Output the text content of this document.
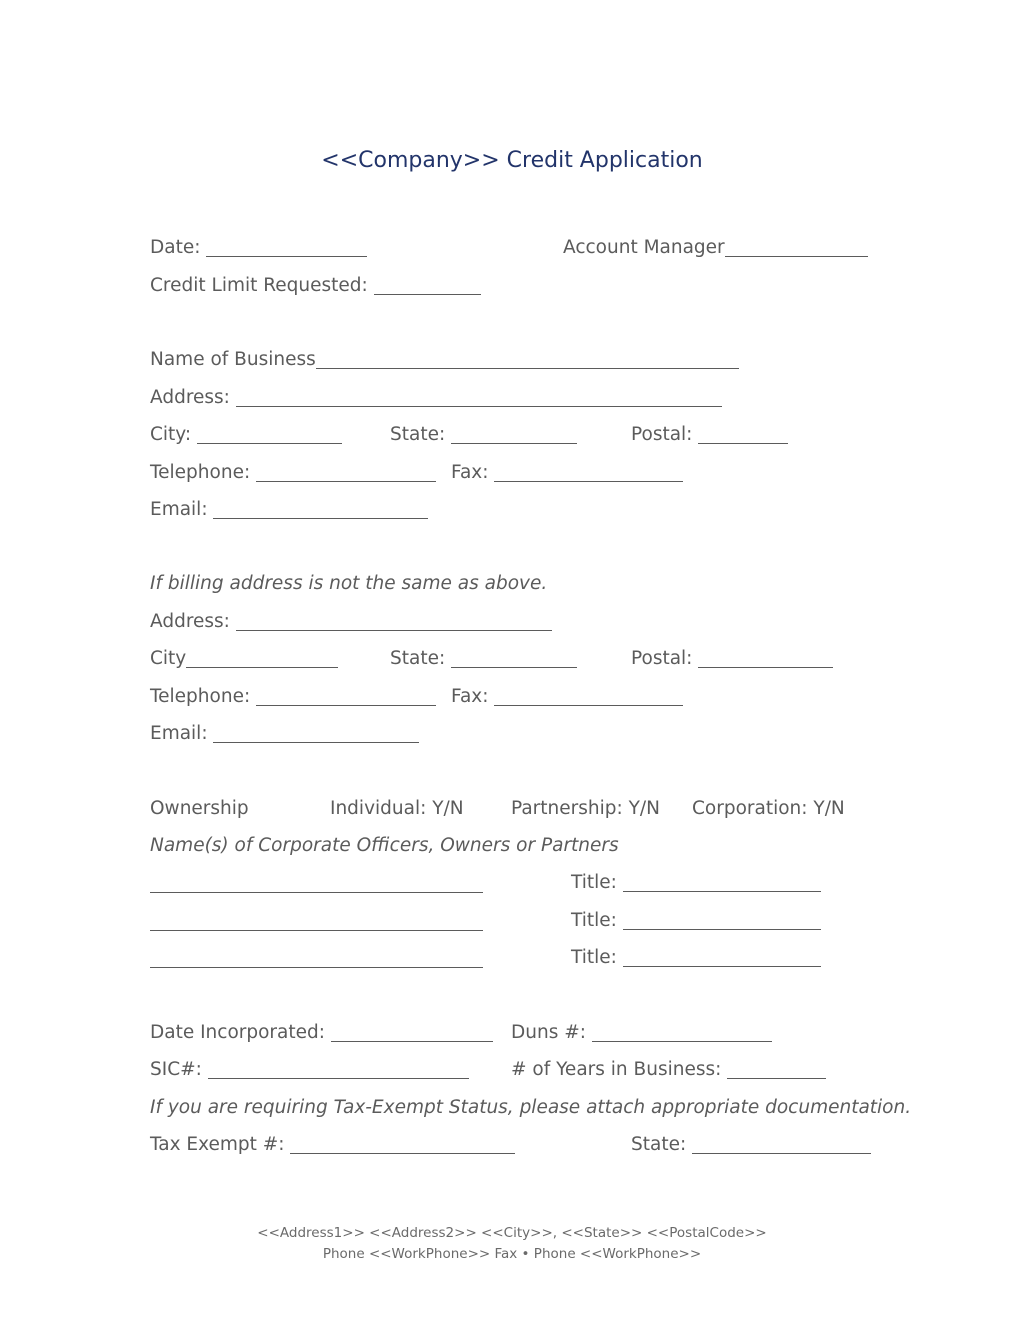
<<Company>> Credit Application
Date:	Account Manager
Credit Limit Requested:
Name of Business
Address:
City:	State:	Postal:
Telephone:	Fax:
Email:

If billing address is not the same as above.

Address:
City	State:	Postal:
Telephone:	Fax:
Email:

Ownership	Individual: Y/N	Partnership: Y/N Corporation: Y/N

Name(s) of Corporate Officers, Owners or Partners

Title:
Title:
Title:
Date Incorporated:	Duns #:
SIC#:	# of Years in Business:

If you are requiring Tax-Exempt Status, please attach appropriate documentation.

Tax Exempt #:	State:
<<Address1>> <<Address2>> <<City>>, <<State>> <<PostalCode>>
Phone <<WorkPhone>> Fax • Phone <<WorkPhone>>
